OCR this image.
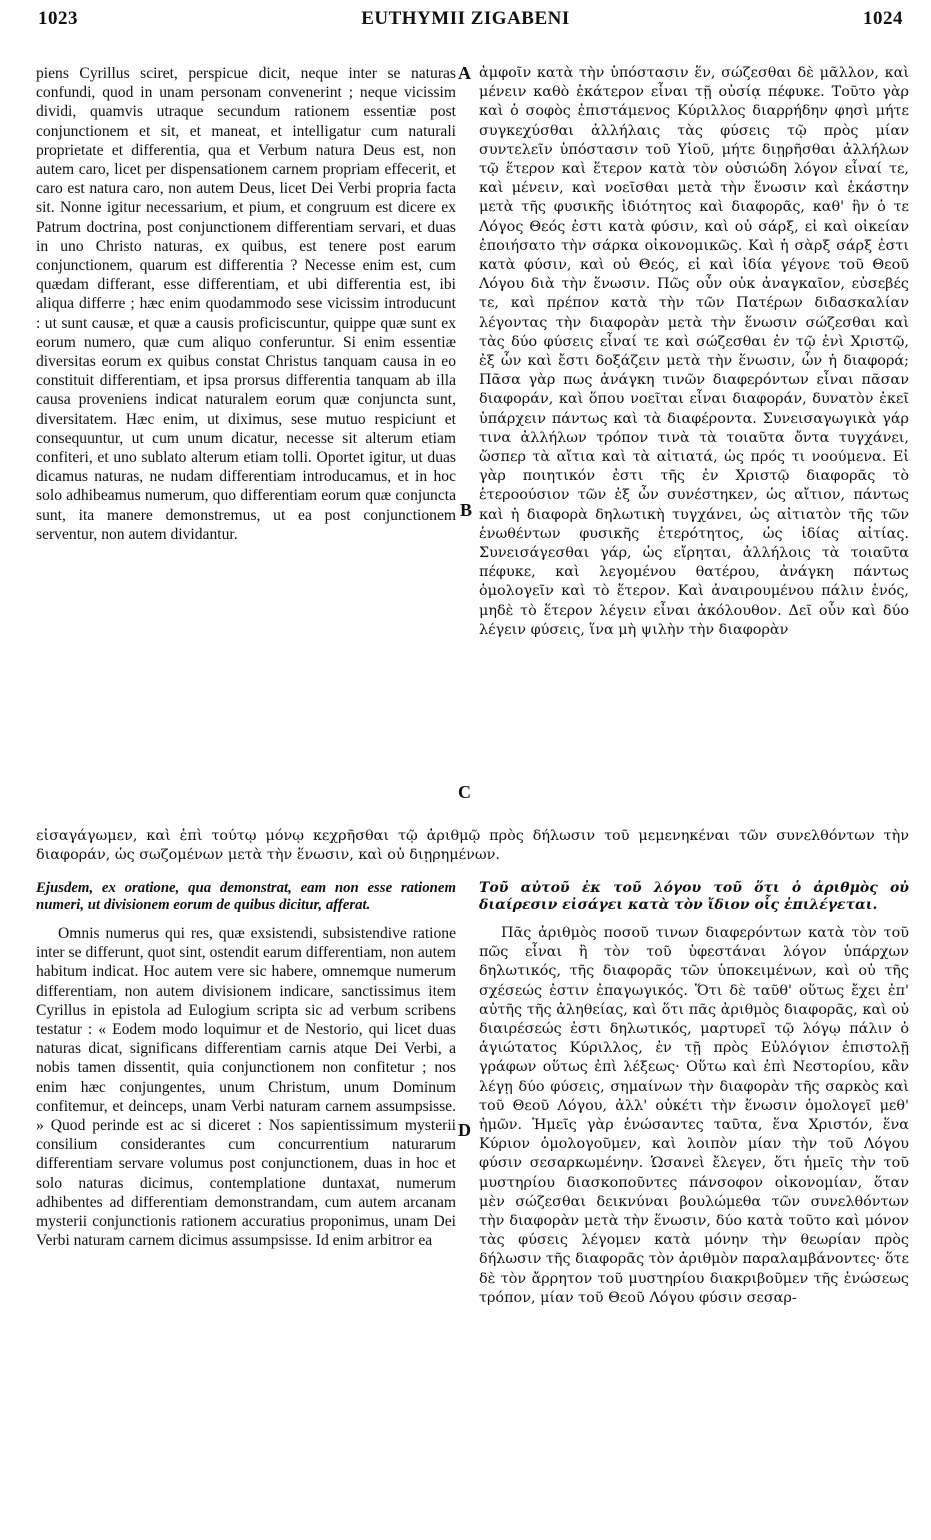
EUTHYMII ZIGABENI
1023	1024
A
B
C
D

piens Cyrillus sciret, perspicue dicit, neque inter se naturas confundi, quod in unam personam convenerint ; neque vicissim dividi, quamvis utraque secundum rationem essentiæ post conjunctionem et sit, et maneat, et intelligatur cum naturali proprietate et differentia, qua et Verbum natura Deus est, non autem caro, licet per dispensationem carnem propriam effecerit, et caro est natura caro, non autem Deus, licet Dei Verbi propria facta sit. Nonne igitur necessarium, et pium, et congruum est dicere ex Patrum doctrina, post conjunctionem differentiam servari, et duas in uno Christo naturas, ex quibus, est tenere post earum conjunctionem, quarum est differentia ? Necesse enim est, cum quædam differant, esse differentiam, et ubi differentia est, ibi aliqua differre ; hæc enim quodammodo sese vicissim introducunt : ut sunt causæ, et quæ a causis proficiscuntur, quippe quæ sunt ex eorum numero, quæ cum aliquo conferuntur. Si enim essentiæ diversitas eorum ex quibus constat Christus tanquam causa in eo constituit differentiam, et ipsa prorsus differentia tanquam ab illa causa proveniens indicat naturalem eorum quæ conjuncta sunt, diversitatem. Hæc enim, ut diximus, sese mutuo respiciunt et consequuntur, ut cum unum dicatur, necesse sit alterum etiam confiteri, et uno sublato alterum etiam tolli. Oportet igitur, ut duas dicamus naturas, ne nudam differentiam introducamus, et in hoc solo adhibeamus numerum, quo differentiam eorum quæ conjuncta sunt, ita manere demonstremus, ut ea post conjunctionem serventur, non autem dividantur.

ἀμφοῖν κατὰ τὴν ὑπόστασιν ἕν, σώζεσθαι δὲ μᾶλλον, καὶ μένειν καθὸ ἑκάτερον εἶναι τῇ οὐσίᾳ πέφυκε. Τοῦτο γὰρ καὶ ὁ σοφὸς ἐπιστάμενος Κύριλλος διαρρήδην φησὶ μήτε συγκεχύσθαι ἀλλήλαις τὰς φύσεις τῷ πρὸς μίαν συντελεῖν ὑπόστασιν τοῦ Υἱοῦ, μήτε διῃρῆσθαι ἀλλήλων τῷ ἕτερον καὶ ἕτερον κατὰ τὸν οὐσιώδη λόγον εἶναί τε, καὶ μένειν, καὶ νοεῖσθαι μετὰ τὴν ἕνωσιν καὶ ἑκάστην μετὰ τῆς φυσικῆς ἰδιότητος καὶ διαφορᾶς, καθ' ἣν ὁ τε Λόγος Θεός ἐστι κατὰ φύσιν, καὶ οὐ σάρξ, εἰ καὶ οἰκείαν ἐποιήσατο τὴν σάρκα οἰκονομικῶς. Καὶ ἡ σὰρξ σάρξ ἐστι κατὰ φύσιν, καὶ οὐ Θεός, εἰ καὶ ἰδία γέγονε τοῦ Θεοῦ Λόγου διὰ τὴν ἕνωσιν. Πῶς οὖν οὐκ ἀναγκαῖον, εὐσεβές τε, καὶ πρέπον κατὰ τὴν τῶν Πατέρων διδασκαλίαν λέγοντας τὴν διαφορὰν μετὰ τὴν ἕνωσιν σώζεσθαι καὶ τὰς δύο φύσεις εἶναί τε καὶ σώζεσθαι ἐν τῷ ἑνὶ Χριστῷ, ἐξ ὧν καὶ ἔστι δοξάζειν μετὰ τὴν ἕνωσιν, ὧν ἡ διαφορά; Πᾶσα γὰρ πως ἀνάγκη τινῶν διαφερόντων εἶναι πᾶσαν διαφοράν, καὶ ὅπου νοεῖται εἶναι διαφοράν, δυνατὸν ἐκεῖ ὑπάρχειν πάντως καὶ τὰ διαφέροντα. Συνεισαγωγικὰ γάρ τινα ἀλλήλων τρόπον τινὰ τὰ τοιαῦτα ὄντα τυγχάνει, ὥσπερ τὰ αἴτια καὶ τὰ αἰτιατά, ὡς πρός τι νοούμενα. Εἰ γὰρ ποιητικόν ἐστι τῆς ἐν Χριστῷ διαφορᾶς τὸ ἑτεροούσιον τῶν ἐξ ὧν συνέστηκεν, ὡς αἴτιον, πάντως καὶ ἡ διαφορὰ δηλωτικὴ τυγχάνει, ὡς αἰτιατὸν τῆς τῶν ἑνωθέντων φυσικῆς ἑτερότητος, ὡς ἰδίας αἰτίας. Συνεισάγεσθαι γάρ, ὡς εἴρηται, ἀλλήλοις τὰ τοιαῦτα πέφυκε, καὶ λεγομένου θατέρου, ἀνάγκη πάντως ὁμολογεῖν καὶ τὸ ἕτερον. Καὶ ἀναιρουμένου πάλιν ἑνός, μηδὲ τὸ ἕτερον λέγειν εἶναι ἀκόλουθον. Δεῖ οὖν καὶ δύο λέγειν φύσεις, ἵνα μὴ ψιλὴν τὴν διαφορὰν

εἰσαγάγωμεν, καὶ ἐπὶ τούτῳ μόνῳ κεχρῆσθαι τῷ ἀριθμῷ πρὸς δήλωσιν τοῦ μεμενηκέναι τῶν συνελθόντων τὴν διαφοράν, ὡς σωζομένων μετὰ τὴν ἕνωσιν, καὶ οὐ διῃρημένων.

Ejusdem, ex oratione, qua demonstrat, eam non esse rationem numeri, ut divisionem eorum de quibus dicitur, afferat.

Omnis numerus qui res, quæ exsistendi, subsistendive ratione inter se differunt, quot sint, ostendit earum differentiam, non autem habitum indicat. Hoc autem vere sic habere, omnemque numerum differentiam, non autem divisionem indicare, sanctissimus item Cyrillus in epistola ad Eulogium scripta sic ad verbum scribens testatur : « Eodem modo loquimur et de Nestorio, qui licet duas naturas dicat, significans differentiam carnis atque Dei Verbi, a nobis tamen dissentit, quia conjunctionem non confitetur ; nos enim hæc conjungentes, unum Christum, unum Dominum confitemur, et deinceps, unam Verbi naturam carnem assumpsisse. » Quod perinde est ac si diceret : Nos sapientissimum mysterii consilium considerantes cum concurrentium naturarum differentiam servare volumus post conjunctionem, duas in hoc et solo naturas dicimus, contemplatione duntaxat, numerum adhibentes ad differentiam demonstrandam, cum autem arcanam mysterii conjunctionis rationem accuratius proponimus, unam Dei Verbi naturam carnem dicimus assumpsisse. Id enim arbitror ea

Τοῦ αὐτοῦ ἐκ τοῦ λόγου τοῦ ὅτι ὁ ἀριθμὸς οὐ διαίρεσιν εἰσάγει κατὰ τὸν ἴδιον οἷς ἐπιλέγεται.

Πᾶς ἀριθμὸς ποσοῦ τινων διαφερόντων κατὰ τὸν τοῦ πῶς εἶναι ἢ τὸν τοῦ ὑφεστάναι λόγον ὑπάρχων δηλωτικός, τῆς διαφορᾶς τῶν ὑποκειμένων, καὶ οὐ τῆς σχέσεώς ἐστιν ἐπαγωγικός. Ὅτι δὲ ταῦθ' οὕτως ἔχει ἐπ' αὐτῆς τῆς ἀληθείας, καὶ ὅτι πᾶς ἀριθμὸς διαφορᾶς, καὶ οὐ διαιρέσεώς ἐστι δηλωτικός, μαρτυρεῖ τῷ λόγῳ πάλιν ὁ ἁγιώτατος Κύριλλος, ἐν τῇ πρὸς Εὐλόγιον ἐπιστολῇ γράφων οὕτως ἐπὶ λέξεως· Οὕτω καὶ ἐπὶ Νεστορίου, κἂν λέγῃ δύο φύσεις, σημαίνων τὴν διαφορὰν τῆς σαρκὸς καὶ τοῦ Θεοῦ Λόγου, ἀλλ' οὐκέτι τὴν ἕνωσιν ὁμολογεῖ μεθ' ἡμῶν. Ἡμεῖς γὰρ ἑνώσαντες ταῦτα, ἕνα Χριστόν, ἕνα Κύριον ὁμολογοῦμεν, καὶ λοιπὸν μίαν τὴν τοῦ Λόγου φύσιν σεσαρκωμένην. Ὡσανεὶ ἔλεγεν, ὅτι ἡμεῖς τὴν τοῦ μυστηρίου διασκοποῦντες πάνσοφον οἰκονομίαν, ὅταν μὲν σώζεσθαι δεικνύναι βουλώμεθα τῶν συνελθόντων τὴν διαφορὰν μετὰ τὴν ἕνωσιν, δύο κατὰ τοῦτο καὶ μόνον τὰς φύσεις λέγομεν κατὰ μόνην τὴν θεωρίαν πρὸς δήλωσιν τῆς διαφορᾶς τὸν ἀριθμὸν παραλαμβάνοντες· ὅτε δὲ τὸν ἄρρητον τοῦ μυστηρίου διακριβοῦμεν τῆς ἑνώσεως τρόπον, μίαν τοῦ Θεοῦ Λόγου φύσιν σεσαρ-
